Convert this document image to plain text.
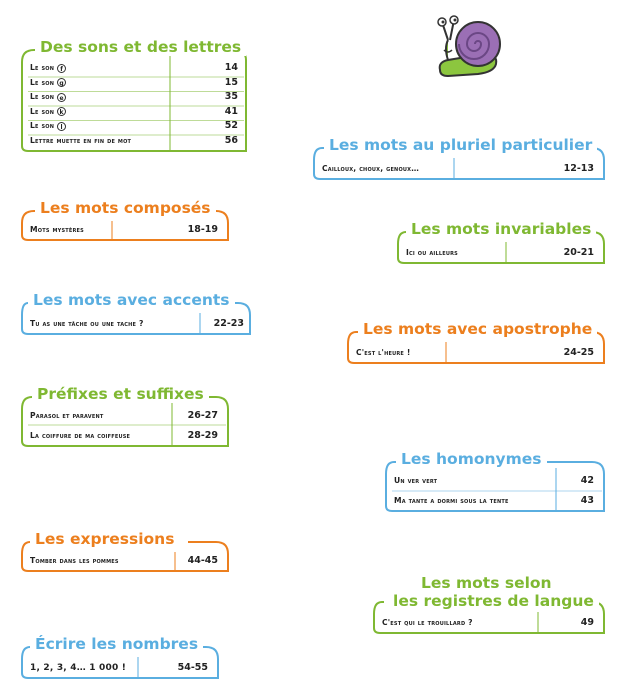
Des sons et des lettres
Le son f	14
Le son g	15
Le son e	35
Le son k	41
Le son l	52
Lettre muette en fin de mot	56
Les mots composés
Mots mystères	18-19
Les mots avec accents
Tu as une tâche ou une tache ?	22-23
Préfixes et suffixes
Parasol et paravent	26-27
La coiffure de ma coiffeuse	28-29
Les expressions
Tomber dans les pommes	44-45
Écrire les nombres
1, 2, 3, 4… 1 000 !	54-55
Les mots au pluriel particulier
Cailloux, choux, genoux…	12-13
Les mots invariables
Ici ou ailleurs	20-21
Les mots avec apostrophe
C'est l'heure !	24-25
Les homonymes
Un ver vert	42
Ma tante a dormi sous la tente	43
Les mots selon
les registres de langue
C'est qui le trouillard ?	49
